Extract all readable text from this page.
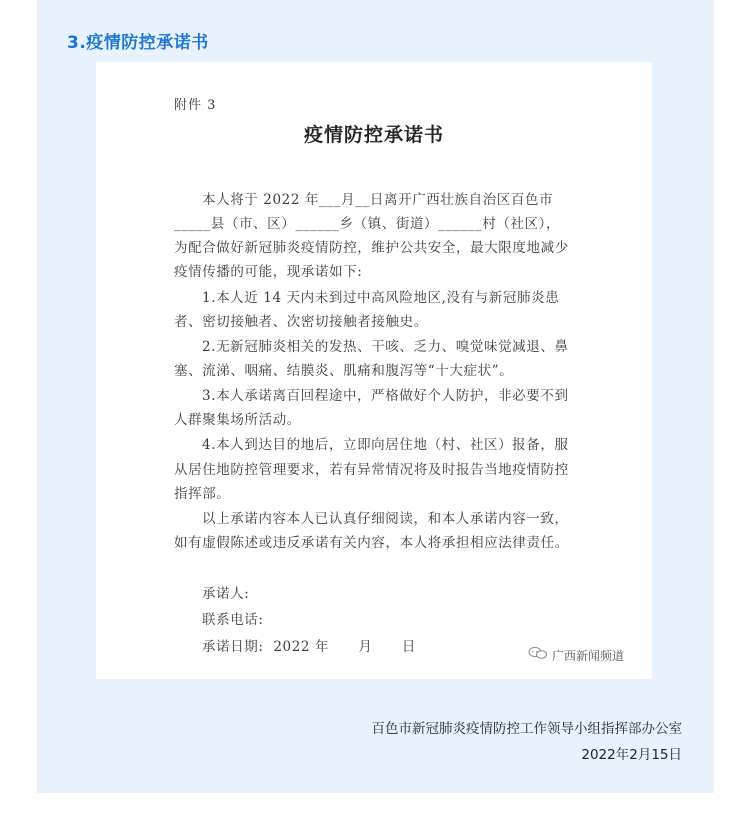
3.疫情防控承诺书
附件 3
疫情防控承诺书
本人将于 2022 年___月__日离开广西壮族自治区百色市
_____县（市、区）______乡（镇、街道）______村（社区），
为配合做好新冠肺炎疫情防控，维护公共安全，最大限度地减少
疫情传播的可能，现承诺如下:
1.本人近 14 天内未到过中高风险地区,没有与新冠肺炎患
者、密切接触者、次密切接触者接触史。
2.无新冠肺炎相关的发热、干咳、乏力、嗅觉味觉减退、鼻
塞、流涕、咽痛、结膜炎、肌痛和腹泻等“十大症状”。
3.本人承诺离百回程途中，严格做好个人防护，非必要不到
人群聚集场所活动。
4.本人到达目的地后，立即向居住地（村、社区）报备，服
从居住地防控管理要求，若有异常情况将及时报告当地疫情防控
指挥部。
以上承诺内容本人已认真仔细阅读，和本人承诺内容一致，
如有虚假陈述或违反承诺有关内容，本人将承担相应法律责任。
承诺人:
联系电话:
承诺日期:  2022 年      月      日
广西新闻频道
百色市新冠肺炎疫情防控工作领导小组指挥部办公室
2022年2月15日
